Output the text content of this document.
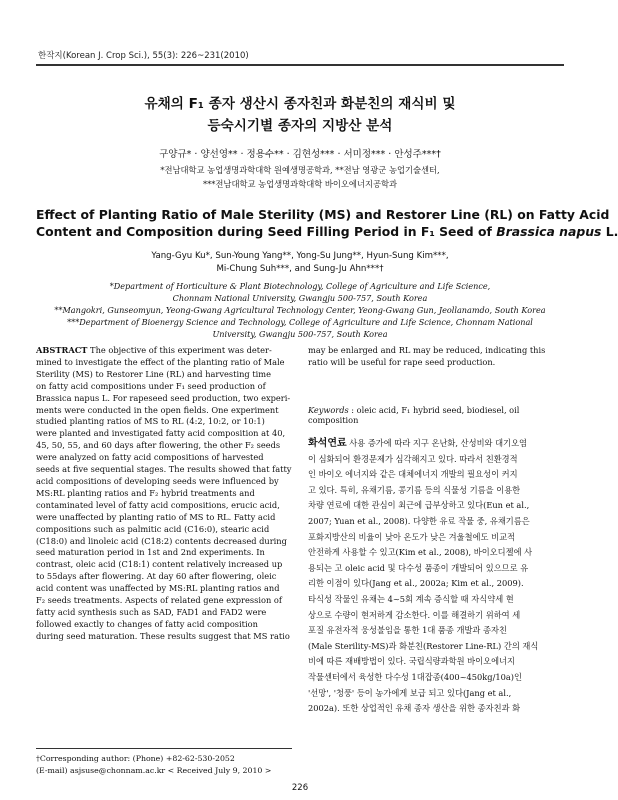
한작지(Korean J. Crop Sci.), 55(3): 226~231(2010)
유채의 F₁ 종자 생산시 종자친과 화분친의 재식비 및
등숙시기별 종자의 지방산 분석
구양규* · 양선영** · 정용수** · 김현성*** · 서미정*** · 안성주***†
*전남대학교 농업생명과학대학 원예생명공학과, **전남 영광군 농업기술센터,
***전남대학교 농업생명과학대학 바이오에너지공학과
Effect of Planting Ratio of Male Sterility (MS) and Restorer Line (RL) on Fatty Acid
Content and Composition during Seed Filling Period in F₁ Seed of Brassica napus L.
Yang-Gyu Ku*, Sun-Young Yang**, Yong-Su Jung**, Hyun-Sung Kim***,
Mi-Chung Suh***, and Sung-Ju Ahn***†
*Department of Horticulture & Plant Biotechnology, College of Agriculture and Life Science,
Chonnam National University, Gwangju 500-757, South Korea
**Mangokri, Gunseomyun, Yeong-Gwang Agricultural Technology Center, Yeong-Gwang Gun, Jeollanamdo, South Korea
***Department of Bioenergy Science and Technology, College of Agriculture and Life Science, Chonnam National
University, Gwangju 500-757, South Korea
ABSTRACT The objective of this experiment was deter-
mined to investigate the effect of the planting ratio of Male
Sterility (MS) to Restorer Line (RL) and harvesting time
on fatty acid compositions under F₁ seed production of
Brassica napus L. For rapeseed seed production, two experi-
ments were conducted in the open fields. One experiment
studied planting ratios of MS to RL (4:2, 10:2, or 10:1)
were planted and investigated fatty acid composition at 40,
45, 50, 55, and 60 days after flowering, the other F₂ seeds
were analyzed on fatty acid compositions of harvested
seeds at five sequential stages. The results showed that fatty
acid compositions of developing seeds were influenced by
MS:RL planting ratios and F₂ hybrid treatments and
contaminated level of fatty acid compositions, erucic acid,
were unaffected by planting ratio of MS to RL. Fatty acid
compositions such as palmitic acid (C16:0), stearic acid
(C18:0) and linoleic acid (C18:2) contents decreased during
seed maturation period in 1st and 2nd experiments. In
contrast, oleic acid (C18:1) content relatively increased up
to 55days after flowering. At day 60 after flowering, oleic
acid content was unaffected by MS:RL planting ratios and
F₂ seeds treatments. Aspects of related gene expression of
fatty acid synthesis such as SAD, FAD1 and FAD2 were
followed exactly to changes of fatty acid composition
during seed maturation. These results suggest that MS ratio
may be enlarged and RL may be reduced, indicating this
ratio will be useful for rape seed production.
Keywords : oleic acid, F₁ hybrid seed, biodiesel, oil composition
화석연료 사용 증가에 따라 지구 온난화, 산성비와 대기오염
이 심화되어 환경문제가 심각해지고 있다. 따라서 친환경적
인 바이오 에너지와 같은 대체에너지 개발의 필요성이 커지
고 있다. 특히, 유채기름, 콩기름 등의 식물성 기름을 이용한
차량 연료에 대한 관심이 최근에 급부상하고 있다(Eun et al.,
2007; Yuan et al., 2008). 다양한 유료 작물 중, 유채기름은
포화지방산의 비율이 낮아 온도가 낮은 겨울철에도 비교적
안전하게 사용할 수 있고(Kim et al., 2008), 바이오디젤에 사
용되는 고 oleic acid 및 다수성 품종이 개발되어 있으므로 유
리한 이점이 있다(Jang et al., 2002a; Kim et al., 2009).
타식성 작물인 유채는 4~5회 계속 증식할 때 자식약세 현
상으로 수량이 현저하게 감소한다. 이를 해결하기 위하여 세
포질 유전자적 웅성불임을 통한 1대 품종 개발과 종자친
(Male Sterility-MS)과 화분친(Restorer Line-RL) 간의 재식
비에 따른 재배방법이 있다. 국립식량과학원 바이오에너지
작물센터에서 육성한 다수성 1대잡종(400~450kg/10a)인
'선망', '청풍' 등이 농가에게 보급 되고 있다(Jang et al.,
2002a). 또한 상업적인 유채 종자 생산을 위한 종자친과 화
†Corresponding author: (Phone) +82-62-530-2052
(E-mail) asjsuse@chonnam.ac.kr < Received July 9, 2010 >
226
